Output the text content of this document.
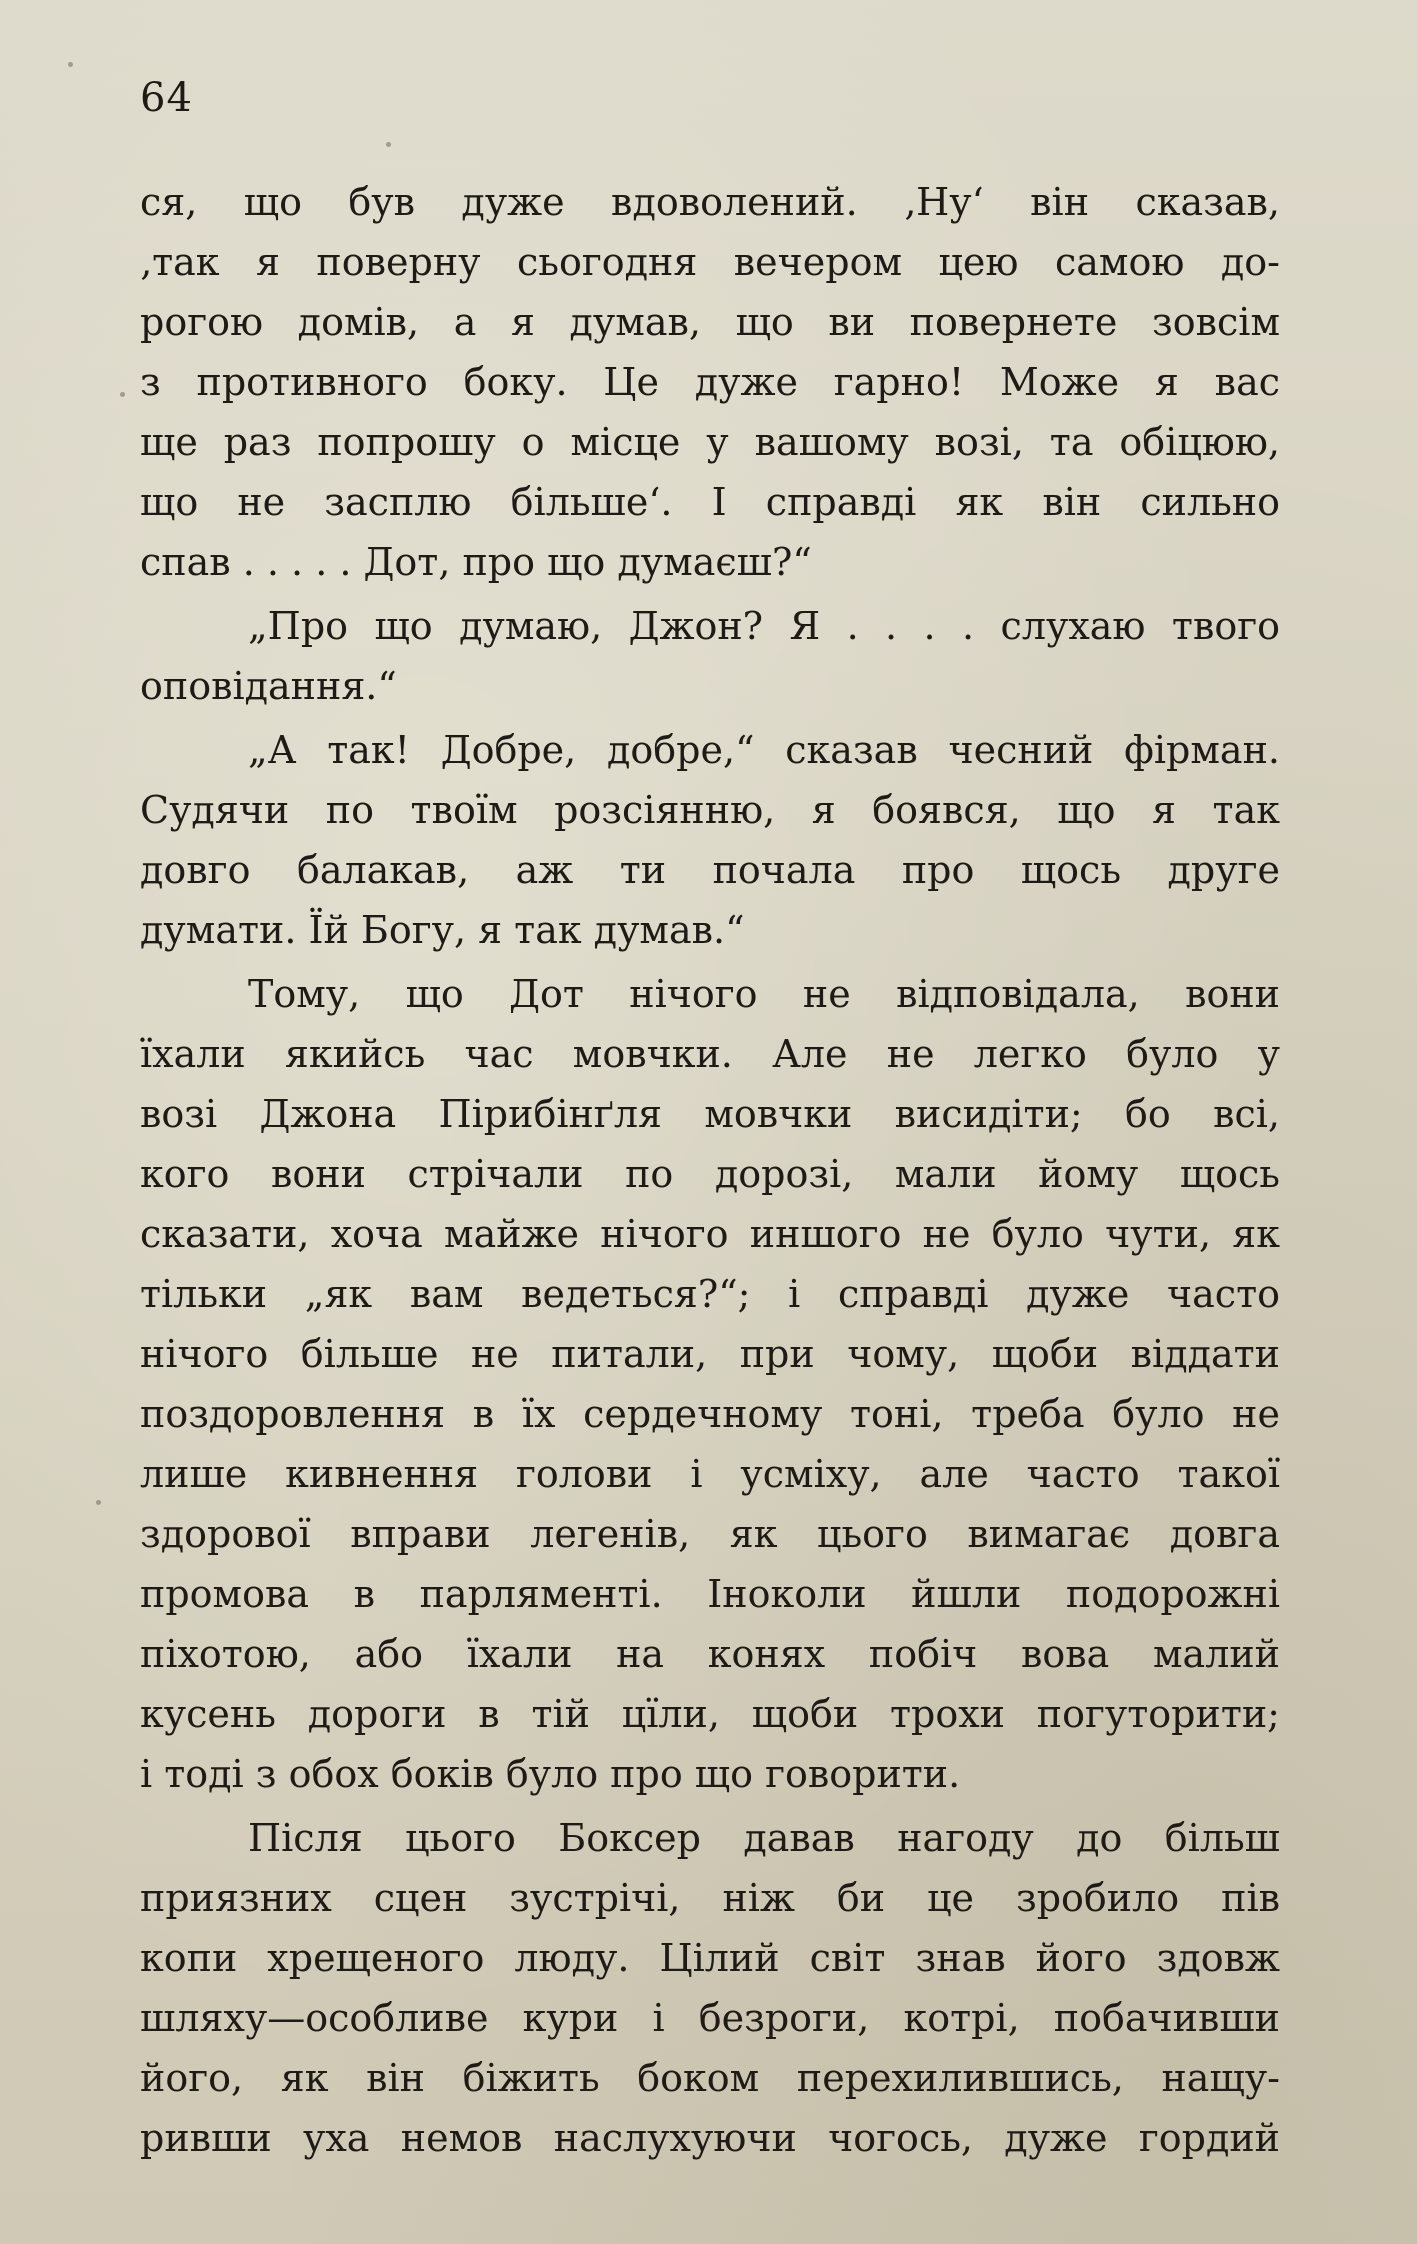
64
ся, що був дуже вдоволений. ‚Ну‘ він сказав,
‚так я поверну сьогодня вечером цею самою до-
рогою домів, а я думав, що ви повернете зовсім
з противного боку. Це дуже гарно! Може я вас
ще раз попрошу о місце у вашому возі, та обіцюю,
що не засплю більше‘. І справді як він сильно
спав . . . . . Дот, про що думаєш?“
„Про що думаю, Джон? Я . . . . слухаю твого
оповідання.“
„А так! Добре, добре,“ сказав чесний фірман.
Судячи по твоїм розсіянню, я боявся, що я так
довго балакав, аж ти почала про щось друге
думати. Їй Богу, я так думав.“
Тому, що Дот нічого не відповідала, вони
їхали якийсь час мовчки. Але не легко було у
возі Джона Пірибінґля мовчки висидіти; бо всі,
кого вони стрічали по дорозі, мали йому щось
сказати, хоча майже нічого иншого не було чути, як
тільки „як вам ведеться?“; і справді дуже часто
нічого більше не питали, при чому, щоби віддати
поздоровлення в їх сердечному тоні, треба було не
лише кивнення голови і усміху, але часто такої
здорової вправи легенів, як цього вимагає довга
промова в парляменті. Іноколи йшли подорожні
піхотою, або їхали на конях побіч вова малий
кусень дороги в тій цїли, щоби трохи погуторити;
і тоді з обох боків було про що говорити.
Після цього Боксер давав нагоду до більш
приязних сцен зустрічі, ніж би це зробило пів
копи хрещеного люду. Цілий світ знав його здовж
шляху—особливе кури і безроги, котрі, побачивши
його, як він біжить боком перехилившись, нащу-
ривши уха немов наслухуючи чогось, дуже гордий
